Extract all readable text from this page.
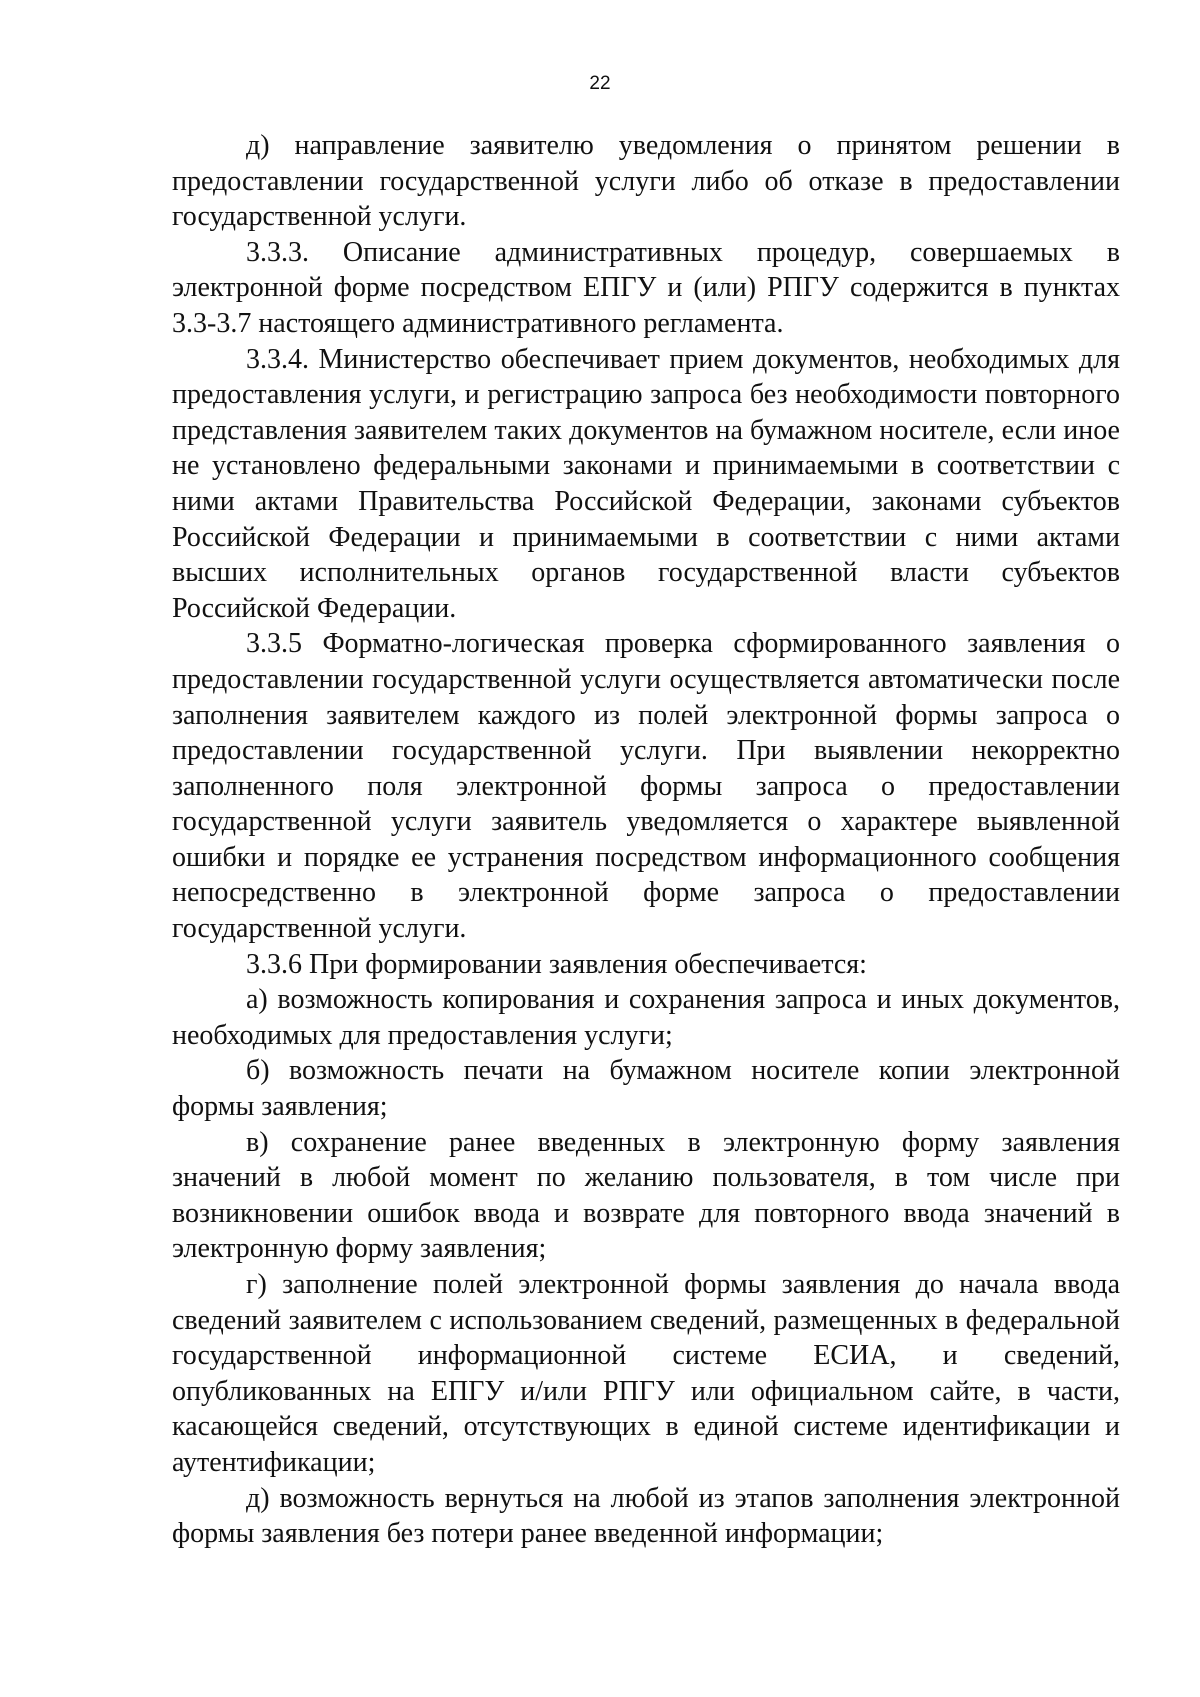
22

д) направление заявителю уведомления о принятом решении в предоставлении государственной услуги либо об отказе в предоставлении государственной услуги.

3.3.3. Описание административных процедур, совершаемых в электронной форме посредством ЕПГУ и (или) РПГУ содержится в пунктах 3.3-3.7 настоящего административного регламента.

3.3.4. Министерство обеспечивает прием документов, необходимых для предоставления услуги, и регистрацию запроса без необходимости повторного представления заявителем таких документов на бумажном носителе, если иное не установлено федеральными законами и принимаемыми в соответствии с ними актами Правительства Российской Федерации, законами субъектов Российской Федерации и принимаемыми в соответствии с ними актами высших исполнительных органов государственной власти субъектов Российской Федерации.

3.3.5 Форматно-логическая проверка сформированного заявления о предоставлении государственной услуги осуществляется автоматически после заполнения заявителем каждого из полей электронной формы запроса о предоставлении государственной услуги. При выявлении некорректно заполненного поля электронной формы запроса о предоставлении государственной услуги заявитель уведомляется о характере выявленной ошибки и порядке ее устранения посредством информационного сообщения непосредственно в электронной форме запроса о предоставлении государственной услуги.

3.3.6 При формировании заявления обеспечивается:

а) возможность копирования и сохранения запроса и иных документов, необходимых для предоставления услуги;

б) возможность печати на бумажном носителе копии электронной формы заявления;

в) сохранение ранее введенных в электронную форму заявления значений в любой момент по желанию пользователя, в том числе при возникновении ошибок ввода и возврате для повторного ввода значений в электронную форму заявления;

г) заполнение полей электронной формы заявления до начала ввода сведений заявителем с использованием сведений, размещенных в федеральной государственной информационной системе ЕСИА, и сведений, опубликованных на ЕПГУ и/или РПГУ или официальном сайте, в части, касающейся сведений, отсутствующих в единой системе идентификации и аутентификации;

д) возможность вернуться на любой из этапов заполнения электронной формы заявления без потери ранее введенной информации;
